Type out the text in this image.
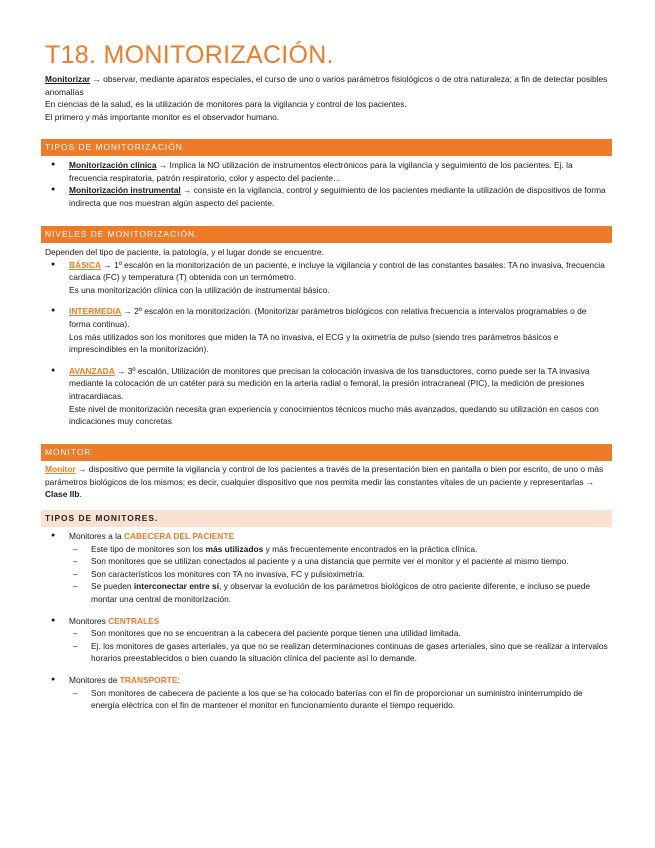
T18. MONITORIZACIÓN.

Monitorizar → observar, mediante aparatos especiales, el curso de uno o varios parámetros fisiológicos o de otra naturaleza; a fin de detectar posibles anomalías

En ciencias de la salud, es la utilización de monitores para la vigilancia y control de los pacientes.

El primero y más importante monitor es el observador humano.

TIPOS DE MONITORIZACIÓN.
● Monitorización clínica → Implica la NO utilización de instrumentos electrónicos para la vigilancia y seguimiento de los pacientes. Ej. la frecuencia respiratoria, patrón respiratorio, color y aspecto del paciente…
● Monitorización instrumental → consiste en la vigilancia, control y seguimiento de los pacientes mediante la utilización de dispositivos de forma indirecta que nos muestran algún aspecto del paciente.
NIVELES DE MONITORIZACIÓN.
Dependen del tipo de paciente, la patología, y el lugar donde se encuentre.
● BÁSICA → 1º escalón en la monitorización de un paciente, e incluye la vigilancia y control de las constantes basales: TA no invasiva, frecuencia cardiaca (FC) y temperatura (T) obtenida con un termómetro.
Es una monitorización clínica con la utilización de instrumental básico.
● INTERMEDIA → 2º escalón en la monitorización. (Monitorizar parámetros biológicos con relativa frecuencia a intervalos programables o de forma continua).
Los más utilizados son los monitores que miden la TA no invasiva, el ECG y la oximetría de pulso (siendo tres parámetros básicos e imprescindibles en la monitorización).
● AVANZADA → 3º escalón, Utilización de monitores que precisan la colocación invasiva de los transductores, como puede ser la TA invasiva mediante la colocación de un catéter para su medición en la arteria radial o femoral, la presión intracraneal (PIC), la medición de presiones intracardiacas.
Este nivel de monitorización necesita gran experiencia y conocimientos técnicos mucho más avanzados, quedando su utilización en casos con indicaciones muy concretas
MONITOR.
Monitor → dispositivo que permite la vigilancia y control de los pacientes a través de la presentación bien en pantalla o bien por escrito, de uno o más parámetros biológicos de los mismos; es decir, cualquier dispositivo que nos permita medir las constantes vitales de un paciente y representarlas → Clase IIb.
TIPOS DE MONITORES.
● Monitores a la CABECERA DEL PACIENTE
– Este tipo de monitores son los más utilizados y más frecuentemente encontrados en la práctica clínica.
– Son monitores que se utilizan conectados al paciente y a una distancia que permite ver el monitor y el paciente al mismo tiempo.
– Son característicos los monitores con TA no invasiva, FC y pulsioximetría.
– Se pueden interconectar entre sí, y observar la evolución de los parámetros biológicos de otro paciente diferente, e incluso se puede montar una central de monitorización.
● Monitores CENTRALES
– Son monitores que no se encuentran a la cabecera del paciente porque tienen una utilidad limitada.
– Ej. los monitores de gases arteriales, ya que no se realizan determinaciones continuas de gases arteriales, sino que se realizar a intervalos horarios preestablecidos o bien cuando la situación clínica del paciente así lo demande.
● Monitores de TRANSPORTE:
– Son monitores de cabecera de paciente a los que se ha colocado baterías con el fin de proporcionar un suministro ininterrumpido de energía eléctrica con el fin de mantener el monitor en funcionamiento durante el tiempo requerido.
